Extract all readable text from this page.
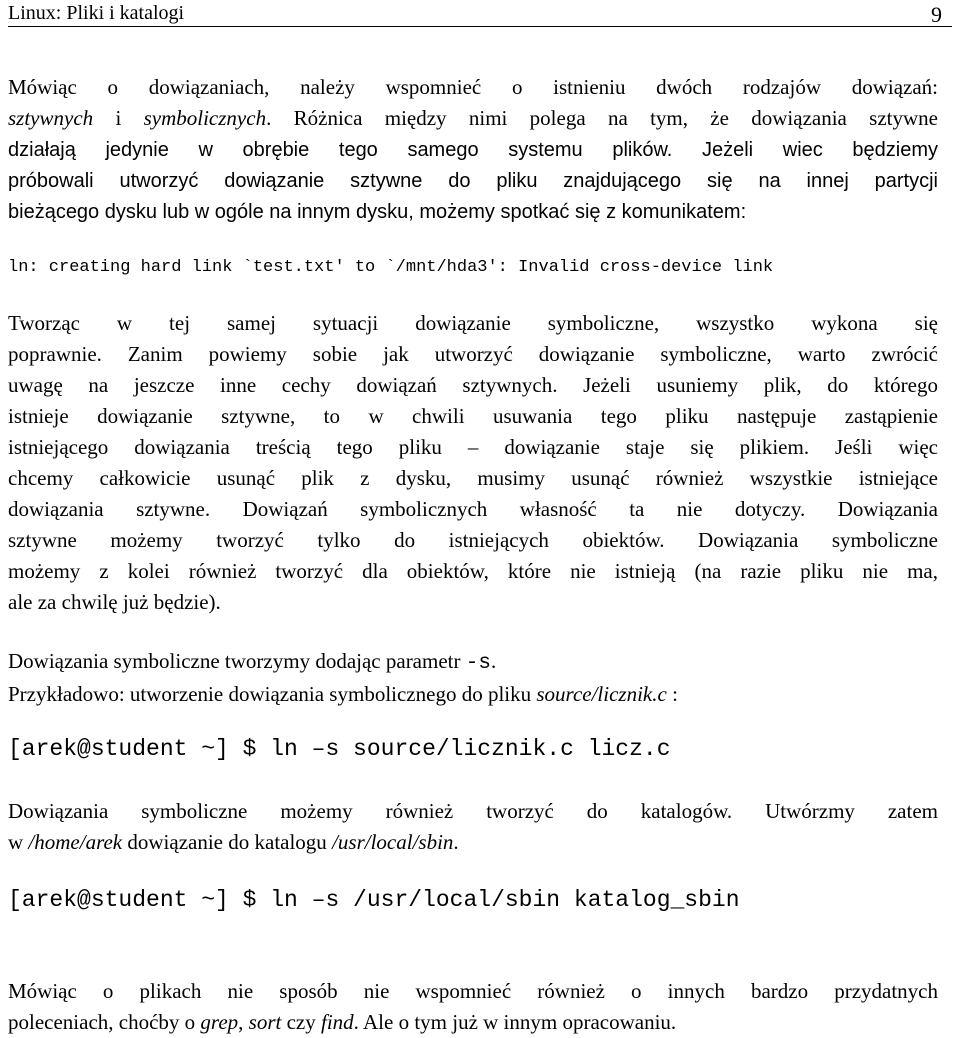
Linux: Pliki i katalogi	9
Mówiąc o dowiązaniach, należy wspomnieć o istnieniu dwóch rodzajów dowiązań:
sztywnych i symbolicznych. Różnica między nimi polega na tym, że dowiązania sztywne
działają jedynie w obrębie tego samego systemu plików. Jeżeli wiec będziemy
próbowali utworzyć dowiązanie sztywne do pliku znajdującego się na innej partycji
bieżącego dysku lub w ogóle na innym dysku, możemy spotkać się z komunikatem:
ln: creating hard link `test.txt' to `/mnt/hda3': Invalid cross-device link
Tworząc w tej samej sytuacji dowiązanie symboliczne, wszystko wykona się
poprawnie. Zanim powiemy sobie jak utworzyć dowiązanie symboliczne, warto zwrócić
uwagę na jeszcze inne cechy dowiązań sztywnych. Jeżeli usuniemy plik, do którego
istnieje dowiązanie sztywne, to w chwili usuwania tego pliku następuje zastąpienie
istniejącego dowiązania treścią tego pliku – dowiązanie staje się plikiem. Jeśli więc
chcemy całkowicie usunąć plik z dysku, musimy usunąć również wszystkie istniejące
dowiązania sztywne. Dowiązań symbolicznych własność ta nie dotyczy. Dowiązania
sztywne możemy tworzyć tylko do istniejących obiektów. Dowiązania symboliczne
możemy z kolei również tworzyć dla obiektów, które nie istnieją (na razie pliku nie ma,
ale za chwilę już będzie).
Dowiązania symboliczne tworzymy dodając parametr -s.
Przykładowo: utworzenie dowiązania symbolicznego do pliku source/licznik.c :
[arek@student ~] $ ln –s source/licznik.c licz.c
Dowiązania symboliczne możemy również tworzyć do katalogów. Utwórzmy zatem
w /home/arek dowiązanie do katalogu /usr/local/sbin.
[arek@student ~] $ ln –s /usr/local/sbin katalog_sbin
Mówiąc o plikach nie sposób nie wspomnieć również o innych bardzo przydatnych
poleceniach, choćby o grep, sort czy find. Ale o tym już w innym opracowaniu.
